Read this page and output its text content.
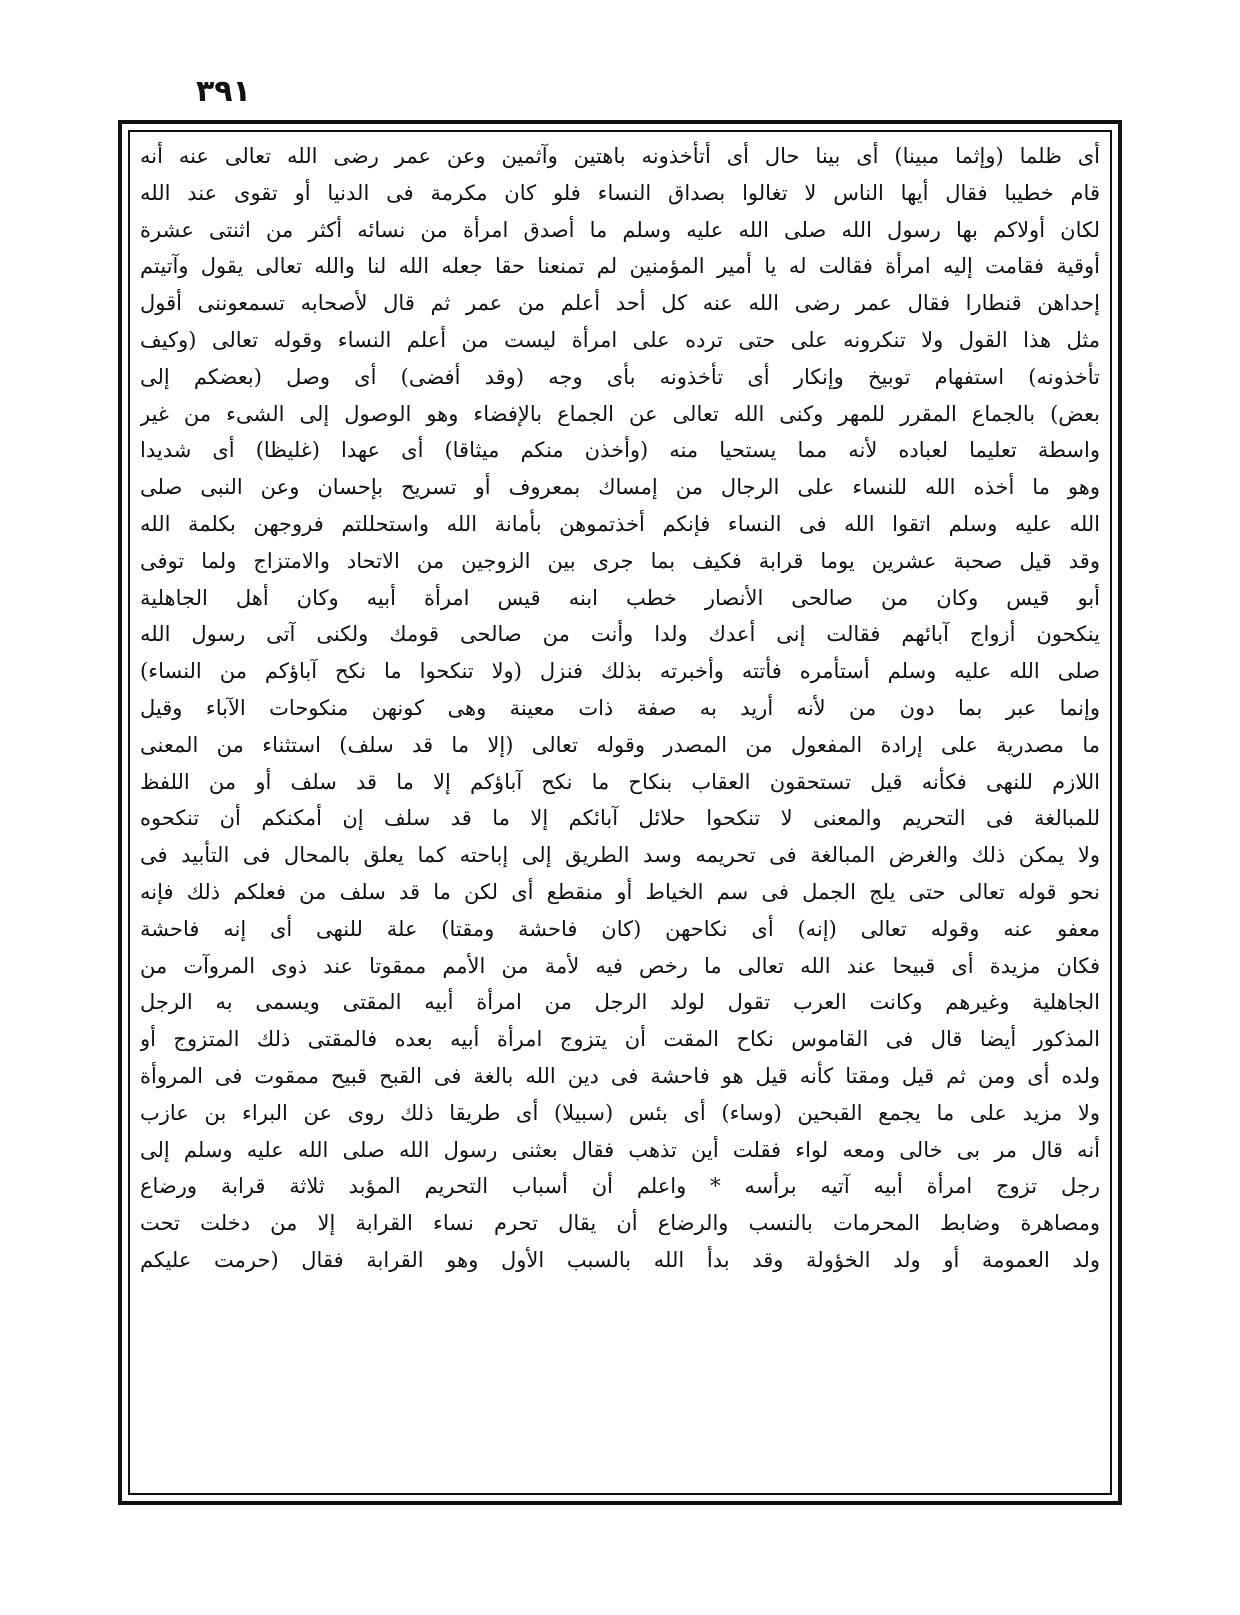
٣٩١
أى ظلما (وإثما مبينا) أى بينا حال أى أتأخذونه باهتين وآثمين وعن عمر رضى الله تعالى عنه أنه
قام خطيبا فقال أيها الناس لا تغالوا بصداق النساء فلو كان مكرمة فى الدنيا أو تقوى عند الله
لكان أولاكم بها رسول الله صلى الله عليه وسلم ما أصدق امرأة من نسائه أكثر من اثنتى عشرة
أوقية فقامت إليه امرأة فقالت له يا أمير المؤمنين لم تمنعنا حقا جعله الله لنا والله تعالى يقول وآتيتم
إحداهن قنطارا فقال عمر رضى الله عنه كل أحد أعلم من عمر ثم قال لأصحابه تسمعوننى أقول
مثل هذا القول ولا تنكرونه على حتى ترده على امرأة ليست من أعلم النساء وقوله تعالى (وكيف
تأخذونه) استفهام توبيخ وإنكار أى تأخذونه بأى وجه (وقد أفضى) أى وصل (بعضكم إلى
بعض) بالجماع المقرر للمهر وكنى الله تعالى عن الجماع بالإفضاء وهو الوصول إلى الشىء من غير
واسطة تعليما لعباده لأنه مما يستحيا منه (وأخذن منكم ميثاقا) أى عهدا (غليظا) أى شديدا
وهو ما أخذه الله للنساء على الرجال من إمساك بمعروف أو تسريح بإحسان وعن النبى صلى
الله عليه وسلم اتقوا الله فى النساء فإنكم أخذتموهن بأمانة الله واستحللتم فروجهن بكلمة الله
وقد قيل صحبة عشرين يوما قرابة فكيف بما جرى بين الزوجين من الاتحاد والامتزاج ولما توفى
أبو قيس وكان من صالحى الأنصار خطب ابنه قيس امرأة أبيه وكان أهل الجاهلية
ينكحون أزواج آبائهم فقالت إنى أعدك ولدا وأنت من صالحى قومك ولكنى آتى رسول الله
صلى الله عليه وسلم أستأمره فأتته وأخبرته بذلك فنزل (ولا تنكحوا ما نكح آباؤكم من النساء)
وإنما عبر بما دون من لأنه أريد به صفة ذات معينة وهى كونهن منكوحات الآباء وقيل
ما مصدرية على إرادة المفعول من المصدر وقوله تعالى (إلا ما قد سلف) استثناء من المعنى
اللازم للنهى فكأنه قيل تستحقون العقاب بنكاح ما نكح آباؤكم إلا ما قد سلف أو من اللفظ
للمبالغة فى التحريم والمعنى لا تنكحوا حلائل آبائكم إلا ما قد سلف إن أمكنكم أن تنكحوه
ولا يمكن ذلك والغرض المبالغة فى تحريمه وسد الطريق إلى إباحته كما يعلق بالمحال فى التأبيد فى
نحو قوله تعالى حتى يلج الجمل فى سم الخياط أو منقطع أى لكن ما قد سلف من فعلكم ذلك فإنه
معفو عنه وقوله تعالى (إنه) أى نكاحهن (كان فاحشة ومقتا) علة للنهى أى إنه فاحشة
فكان مزيدة أى قبيحا عند الله تعالى ما رخص فيه لأمة من الأمم ممقوتا عند ذوى المروآت من
الجاهلية وغيرهم وكانت العرب تقول لولد الرجل من امرأة أبيه المقتى ويسمى به الرجل
المذكور أيضا قال فى القاموس نكاح المقت أن يتزوج امرأة أبيه بعده فالمقتى ذلك المتزوج أو
ولده أى ومن ثم قيل ومقتا كأنه قيل هو فاحشة فى دين الله بالغة فى القبح قبيح ممقوت فى المروأة
ولا مزيد على ما يجمع القبحين (وساء) أى بئس (سبيلا) أى طريقا ذلك روى عن البراء بن عازب
أنه قال مر بى خالى ومعه لواء فقلت أين تذهب فقال بعثنى رسول الله صلى الله عليه وسلم إلى
رجل تزوج امرأة أبيه آتيه برأسه * واعلم أن أسباب التحريم المؤبد ثلاثة قرابة ورضاع
ومصاهرة وضابط المحرمات بالنسب والرضاع أن يقال تحرم نساء القرابة إلا من دخلت تحت
ولد العمومة أو ولد الخؤولة وقد بدأ الله بالسبب الأول وهو القرابة فقال (حرمت عليكم
